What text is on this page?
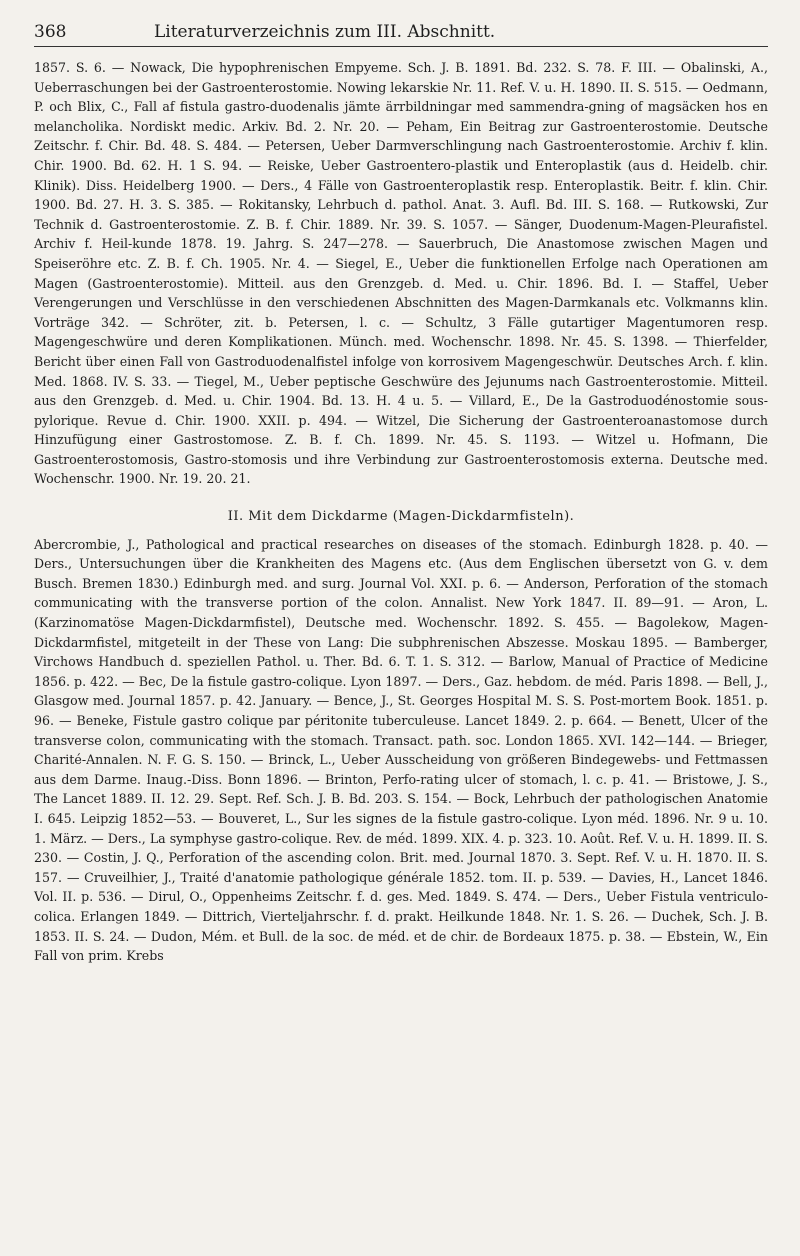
368	Literaturverzeichnis zum III. Abschnitt.

1857. S. 6. — Nowack, Die hypophrenischen Empyeme. Sch. J. B. 1891. Bd. 232. S. 78. F. III. — Obalinski, A., Ueberraschungen bei der Gastroenterostomie. Nowing lekarskie Nr. 11. Ref. V. u. H. 1890. II. S. 515. — Oedmann, P. och Blix, C., Fall af fistula gastro-duodenalis jämte ärrbildningar med sammendra-gning of magsäcken hos en melancholika. Nordiskt medic. Arkiv. Bd. 2. Nr. 20. — Peham, Ein Beitrag zur Gastroenterostomie. Deutsche Zeitschr. f. Chir. Bd. 48. S. 484. — Petersen, Ueber Darmverschlingung nach Gastroenterostomie. Archiv f. klin. Chir. 1900. Bd. 62. H. 1 S. 94. — Reiske, Ueber Gastroentero-plastik und Enteroplastik (aus d. Heidelb. chir. Klinik). Diss. Heidelberg 1900. — Ders., 4 Fälle von Gastroenteroplastik resp. Enteroplastik. Beitr. f. klin. Chir. 1900. Bd. 27. H. 3. S. 385. — Rokitansky, Lehrbuch d. pathol. Anat. 3. Aufl. Bd. III. S. 168. — Rutkowski, Zur Technik d. Gastroenterostomie. Z. B. f. Chir. 1889. Nr. 39. S. 1057. — Sänger, Duodenum-Magen-Pleurafistel. Archiv f. Heil-kunde 1878. 19. Jahrg. S. 247—278. — Sauerbruch, Die Anastomose zwischen Magen und Speiseröhre etc. Z. B. f. Ch. 1905. Nr. 4. — Siegel, E., Ueber die funktionellen Erfolge nach Operationen am Magen (Gastroenterostomie). Mitteil. aus den Grenzgeb. d. Med. u. Chir. 1896. Bd. I. — Staffel, Ueber Verengerungen und Verschlüsse in den verschiedenen Abschnitten des Magen-Darmkanals etc. Volkmanns klin. Vorträge 342. — Schröter, zit. b. Petersen, l. c. — Schultz, 3 Fälle gutartiger Magentumoren resp. Magengeschwüre und deren Komplikationen. Münch. med. Wochenschr. 1898. Nr. 45. S. 1398. — Thierfelder, Bericht über einen Fall von Gastroduodenalfistel infolge von korrosivem Magengeschwür. Deutsches Arch. f. klin. Med. 1868. IV. S. 33. — Tiegel, M., Ueber peptische Geschwüre des Jejunums nach Gastroenterostomie. Mitteil. aus den Grenzgeb. d. Med. u. Chir. 1904. Bd. 13. H. 4 u. 5. — Villard, E., De la Gastroduodénostomie sous-pylorique. Revue d. Chir. 1900. XXII. p. 494. — Witzel, Die Sicherung der Gastroenteroanastomose durch Hinzufügung einer Gastrostomose. Z. B. f. Ch. 1899. Nr. 45. S. 1193. — Witzel u. Hofmann, Die Gastroenterostomosis, Gastro-stomosis und ihre Verbindung zur Gastroenterostomosis externa. Deutsche med. Wochenschr. 1900. Nr. 19. 20. 21.

II. Mit dem Dickdarme (Magen-Dickdarmfisteln).

Abercrombie, J., Pathological and practical researches on diseases of the stomach. Edinburgh 1828. p. 40. — Ders., Untersuchungen über die Krankheiten des Magens etc. (Aus dem Englischen übersetzt von G. v. dem Busch. Bremen 1830.) Edinburgh med. and surg. Journal Vol. XXI. p. 6. — Anderson, Perforation of the stomach communicating with the transverse portion of the colon. Annalist. New York 1847. II. 89—91. — Aron, L. (Karzinomatöse Magen-Dickdarmfistel), Deutsche med. Wochenschr. 1892. S. 455. — Bagolekow, Magen-Dickdarmfistel, mitgeteilt in der These von Lang: Die subphrenischen Abszesse. Moskau 1895. — Bamberger, Virchows Handbuch d. speziellen Pathol. u. Ther. Bd. 6. T. 1. S. 312. — Barlow, Manual of Practice of Medicine 1856. p. 422. — Bec, De la fistule gastro-colique. Lyon 1897. — Ders., Gaz. hebdom. de méd. Paris 1898. — Bell, J., Glasgow med. Journal 1857. p. 42. January. — Bence, J., St. Georges Hospital M. S. S. Post-mortem Book. 1851. p. 96. — Beneke, Fistule gastro colique par péritonite tuberculeuse. Lancet 1849. 2. p. 664. — Benett, Ulcer of the transverse colon, communicating with the stomach. Transact. path. soc. London 1865. XVI. 142—144. — Brieger, Charité-Annalen. N. F. G. S. 150. — Brinck, L., Ueber Ausscheidung von größeren Bindegewebs- und Fettmassen aus dem Darme. Inaug.-Diss. Bonn 1896. — Brinton, Perfo-rating ulcer of stomach, l. c. p. 41. — Bristowe, J. S., The Lancet 1889. II. 12. 29. Sept. Ref. Sch. J. B. Bd. 203. S. 154. — Bock, Lehrbuch der pathologischen Anatomie I. 645. Leipzig 1852—53. — Bouveret, L., Sur les signes de la fistule gastro-colique. Lyon méd. 1896. Nr. 9 u. 10. 1. März. — Ders., La symphyse gastro-colique. Rev. de méd. 1899. XIX. 4. p. 323. 10. Août. Ref. V. u. H. 1899. II. S. 230. — Costin, J. Q., Perforation of the ascending colon. Brit. med. Journal 1870. 3. Sept. Ref. V. u. H. 1870. II. S. 157. — Cruveilhier, J., Traité d'anatomie pathologique générale 1852. tom. II. p. 539. — Davies, H., Lancet 1846. Vol. II. p. 536. — Dirul, O., Oppenheims Zeitschr. f. d. ges. Med. 1849. S. 474. — Ders., Ueber Fistula ventriculo-colica. Erlangen 1849. — Dittrich, Vierteljahrschr. f. d. prakt. Heilkunde 1848. Nr. 1. S. 26. — Duchek, Sch. J. B. 1853. II. S. 24. — Dudon, Mém. et Bull. de la soc. de méd. et de chir. de Bordeaux 1875. p. 38. — Ebstein, W., Ein Fall von prim. Krebs
